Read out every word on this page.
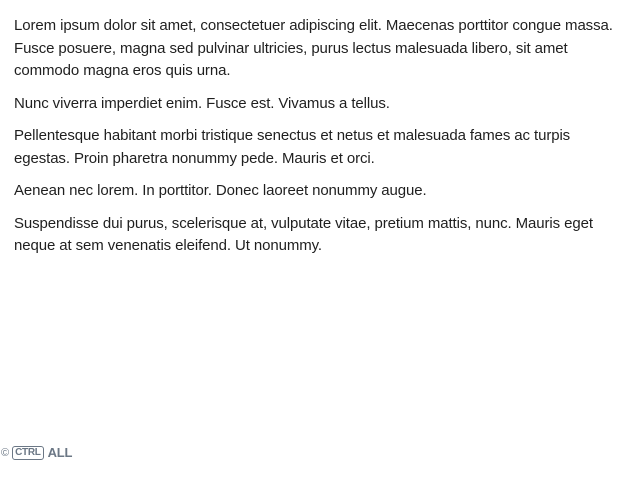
Lorem ipsum dolor sit amet, consectetuer adipiscing elit. Maecenas porttitor congue massa. Fusce posuere, magna sed pulvinar ultricies, purus lectus malesuada libero, sit amet commodo magna eros quis urna.

Nunc viverra imperdiet enim. Fusce est. Vivamus a tellus.

Pellentesque habitant morbi tristique senectus et netus et malesuada fames ac turpis egestas. Proin pharetra nonummy pede. Mauris et orci.

Aenean nec lorem. In porttitor. Donec laoreet nonummy augue.

Suspendisse dui purus, scelerisque at, vulputate vitae, pretium mattis, nunc. Mauris eget neque at sem venenatis eleifend. Ut nonummy.

© CTRL ALL
